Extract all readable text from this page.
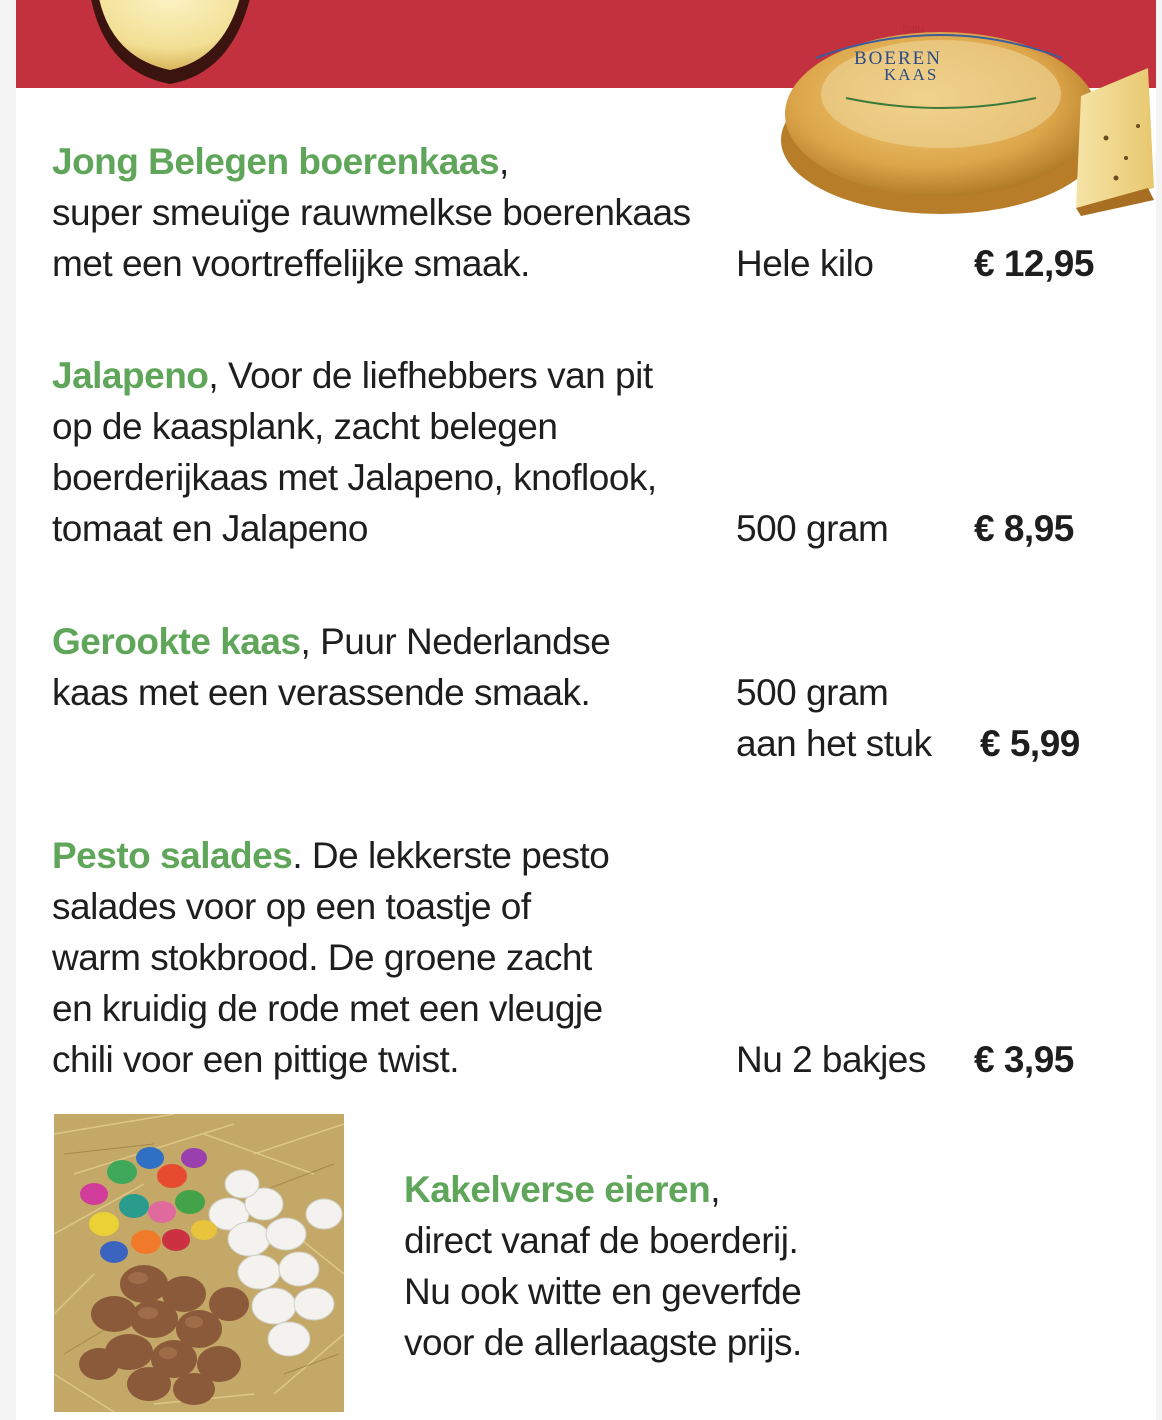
Echte
BOEREN
KAAS
Jong Belegen boerenkaas,
super smeuïge rauwmelkse boerenkaas
met een voortreffelijke smaak.	Hele kilo	€ 12,95
Jalapeno, Voor de liefhebbers van pit
op de kaasplank, zacht belegen
boerderijkaas met Jalapeno, knoflook,
tomaat en Jalapeno	500 gram € 8,95
Gerookte kaas, Puur Nederlandse
kaas met een verassende smaak.	500 gram
aan het stuk € 5,99
Pesto salades. De lekkerste pesto
salades voor op een toastje of
warm stokbrood. De groene zacht
en kruidig de rode met een vleugje
chili voor een pittige twist.	Nu 2 bakjes € 3,95
Kakelverse eieren,
direct vanaf de boerderij.
Nu ook witte en geverfde
voor de allerlaagste prijs.
